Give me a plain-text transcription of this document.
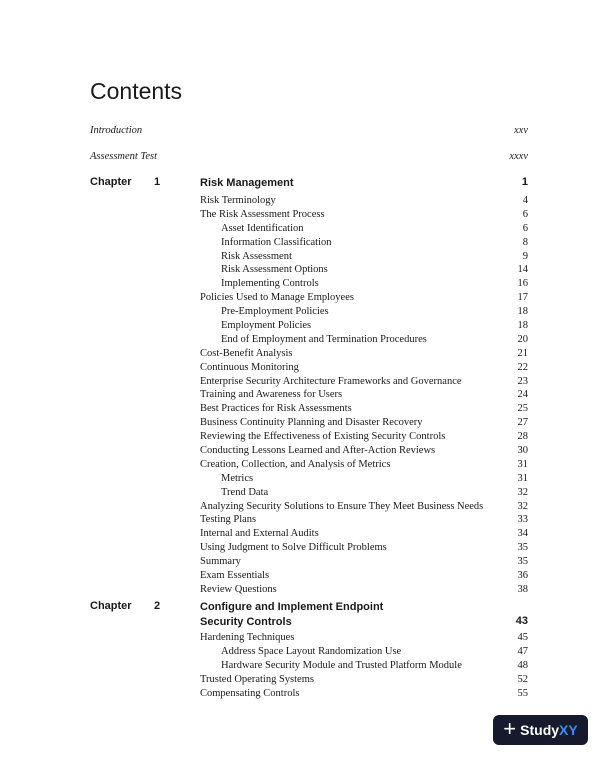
Contents
Introduction	xxv
Assessment Test	xxxv
Chapter 1	Risk Management	1
Risk Terminology	4
The Risk Assessment Process	6
Asset Identification	6
Information Classification	8
Risk Assessment	9
Risk Assessment Options	14
Implementing Controls	16
Policies Used to Manage Employees	17
Pre-Employment Policies	18
Employment Policies	18
End of Employment and Termination Procedures	20
Cost-Benefit Analysis	21
Continuous Monitoring	22
Enterprise Security Architecture Frameworks and Governance	23
Training and Awareness for Users	24
Best Practices for Risk Assessments	25
Business Continuity Planning and Disaster Recovery	27
Reviewing the Effectiveness of Existing Security Controls	28
Conducting Lessons Learned and After-Action Reviews	30
Creation, Collection, and Analysis of Metrics	31
Metrics	31
Trend Data	32
Analyzing Security Solutions to Ensure They Meet Business Needs	32
Testing Plans	33
Internal and External Audits	34
Using Judgment to Solve Difficult Problems	35
Summary	35
Exam Essentials	36
Review Questions	38
Chapter 2	Configure and Implement Endpoint
Security Controls	43
Hardening Techniques	45
Address Space Layout Randomization Use	47
Hardware Security Module and Trusted Platform Module	48
Trusted Operating Systems	52
Compensating Controls	55
+ StudyXY
